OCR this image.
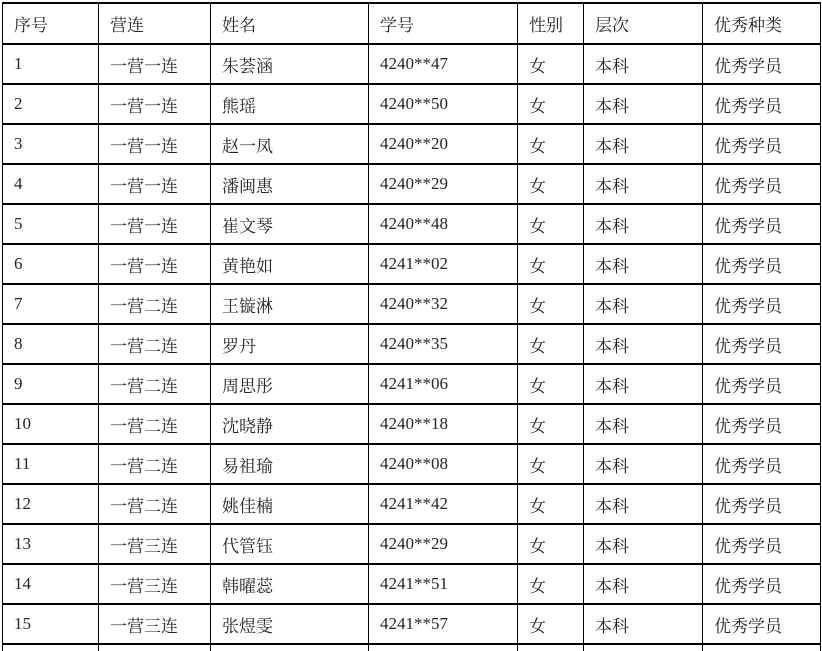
序号	营连	姓名	学号	性别	层次	优秀种类
1	一营一连	朱荟涵	4240**47	女	本科	优秀学员
2	一营一连	熊瑶	4240**50	女	本科	优秀学员
3	一营一连	赵一凤	4240**20	女	本科	优秀学员
4	一营一连	潘闽惠	4240**29	女	本科	优秀学员
5	一营一连	崔文琴	4240**48	女	本科	优秀学员
6	一营一连	黄艳如	4241**02	女	本科	优秀学员
7	一营二连	王镟淋	4240**32	女	本科	优秀学员
8	一营二连	罗丹	4240**35	女	本科	优秀学员
9	一营二连	周思彤	4241**06	女	本科	优秀学员
10	一营二连	沈晓静	4240**18	女	本科	优秀学员
11	一营二连	易祖瑜	4240**08	女	本科	优秀学员
12	一营二连	姚佳楠	4241**42	女	本科	优秀学员
13	一营三连	代管钰	4240**29	女	本科	优秀学员
14	一营三连	韩曜蕊	4241**51	女	本科	优秀学员
15	一营三连	张煜雯	4241**57	女	本科	优秀学员
